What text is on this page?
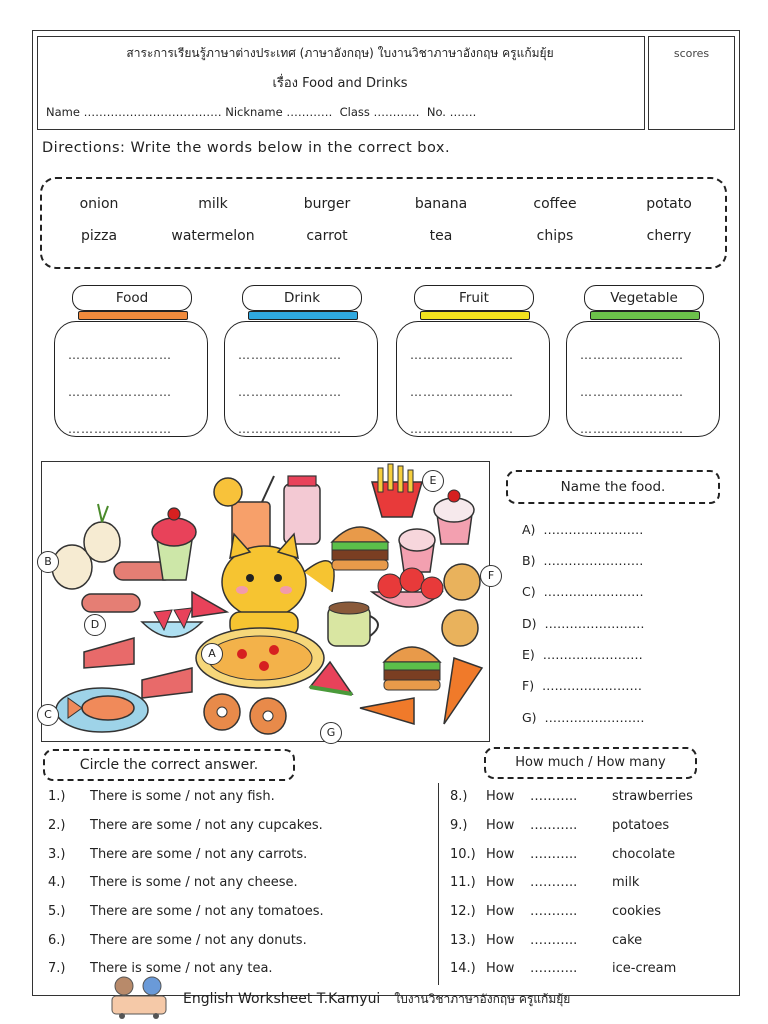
scores
สาระการเรียนรู้ภาษาต่างประเทศ (ภาษาอังกฤษ) ใบงานวิชาภาษาอังกฤษ ครูแก้มยุ้ย
เรื่อง Food and Drinks
Name ……………………………… Nickname ………… Class ………… No. …….
Directions: Write the words below in the correct box.
onion	milk	burger	banana	coffee	potato
pizza	watermelon	carrot	tea	chips	cherry
Food
……………………
……………………
……………………
Drink
……………………
……………………
……………………
Fruit
……………………
……………………
……………………
Vegetable
……………………
……………………
……………………
A
B
C
D
E
F
G
Name the food.
A) ……………………
B) ……………………
C) ……………………
D) ……………………
E) ……………………
F) ……………………
G) ……………………
Circle the correct answer.
1.) There is some / not any fish.
2.) There are some / not any cupcakes.
3.) There are some / not any carrots.
4.) There is some / not any cheese.
5.) There are some / not any tomatoes.
6.) There are some / not any donuts.
7.) There is some / not any tea.
How much / How many
8.) How ………..	strawberries
9.) How ………..	potatoes
10.) How ………..	chocolate
11.) How ………..	milk
12.) How ………..	cookies
13.) How ………..	cake
14.) How ………..	ice-cream
English Worksheet T.Kamyui ใบงานวิชาภาษาอังกฤษ ครูแก้มยุ้ย
